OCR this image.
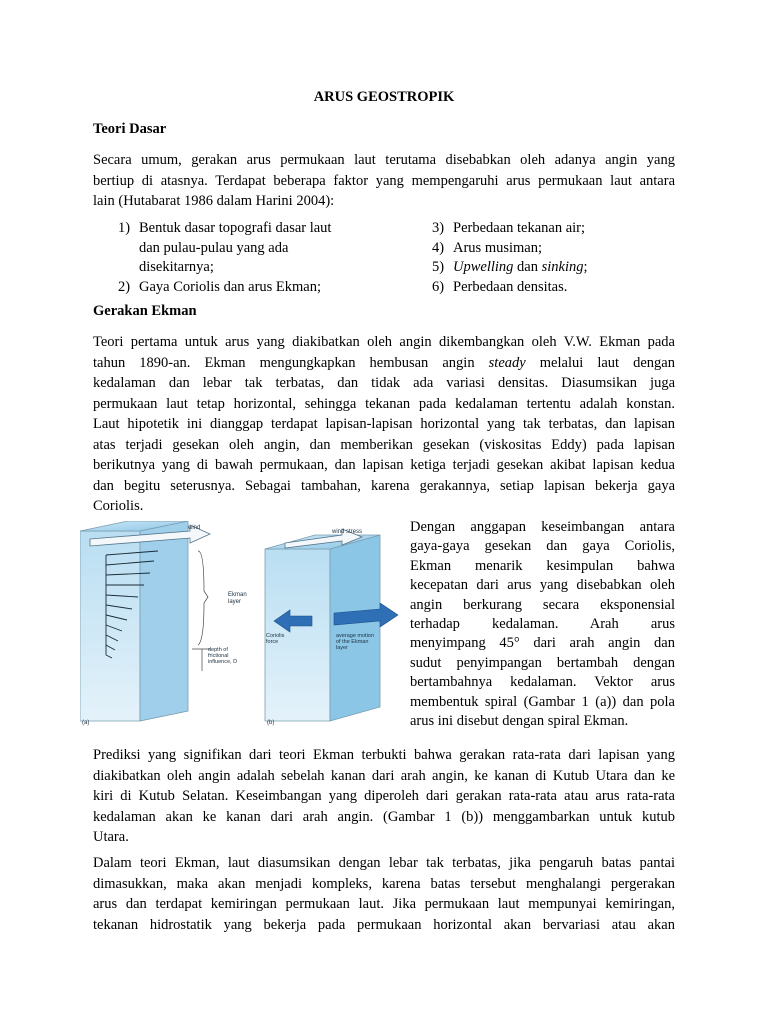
ARUS GEOSTROPIK
Teori Dasar

Secara umum, gerakan arus permukaan laut terutama disebabkan oleh adanya angin yang
bertiup di atasnya. Terdapat beberapa faktor yang mempengaruhi arus permukaan laut antara
lain (Hutabarat 1986 dalam Harini 2004):

1) Bentuk dasar topografi dasar laut
dan pulau-pulau yang ada
disekitarnya;
2) Gaya Coriolis dan arus Ekman;
3) Perbedaan tekanan air;
4) Arus musiman;
5) Upwelling dan sinking;
6) Perbedaan densitas.
Gerakan Ekman

Teori pertama untuk arus yang diakibatkan oleh angin dikembangkan oleh V.W. Ekman pada
tahun 1890-an. Ekman mengungkapkan hembusan angin steady melalui laut dengan
kedalaman dan lebar tak terbatas, dan tidak ada variasi densitas. Diasumsikan juga
permukaan laut tetap horizontal, sehingga tekanan pada kedalaman tertentu adalah konstan.
Laut hipotetik ini dianggap terdapat lapisan-lapisan horizontal yang tak terbatas, dan lapisan
atas terjadi gesekan oleh angin, dan memberikan gesekan (viskositas Eddy) pada lapisan
berikutnya yang di bawah permukaan, dan lapisan ketiga terjadi gesekan akibat lapisan kedua
dan begitu seterusnya. Sebagai tambahan, karena gerakannya, setiap lapisan bekerja gaya
Coriolis.

wind
Ekman layer
depth of frictional influence, D
(a)
wind stress
Coriolis force
average motion of the Ekman layer
(b)

Dengan anggapan keseimbangan antara
gaya-gaya gesekan dan gaya Coriolis,
Ekman menarik kesimpulan bahwa
kecepatan dari arus yang disebabkan oleh
angin berkurang secara eksponensial
terhadap kedalaman. Arah arus
menyimpang 45° dari arah angin dan
sudut penyimpangan bertambah dengan
bertambahnya kedalaman. Vektor arus
membentuk spiral (Gambar 1 (a)) dan pola
arus ini disebut dengan spiral Ekman.

Prediksi yang signifikan dari teori Ekman terbukti bahwa gerakan rata-rata dari lapisan yang
diakibatkan oleh angin adalah sebelah kanan dari arah angin, ke kanan di Kutub Utara dan ke
kiri di Kutub Selatan. Keseimbangan yang diperoleh dari gerakan rata-rata atau arus rata-rata
kedalaman akan ke kanan dari arah angin. (Gambar 1 (b)) menggambarkan untuk kutub
Utara.

Dalam teori Ekman, laut diasumsikan dengan lebar tak terbatas, jika pengaruh batas pantai
dimasukkan, maka akan menjadi kompleks, karena batas tersebut menghalangi pergerakan
arus dan terdapat kemiringan permukaan laut. Jika permukaan laut mempunyai kemiringan,
tekanan hidrostatik yang bekerja pada permukaan horizontal akan bervariasi atau akan
